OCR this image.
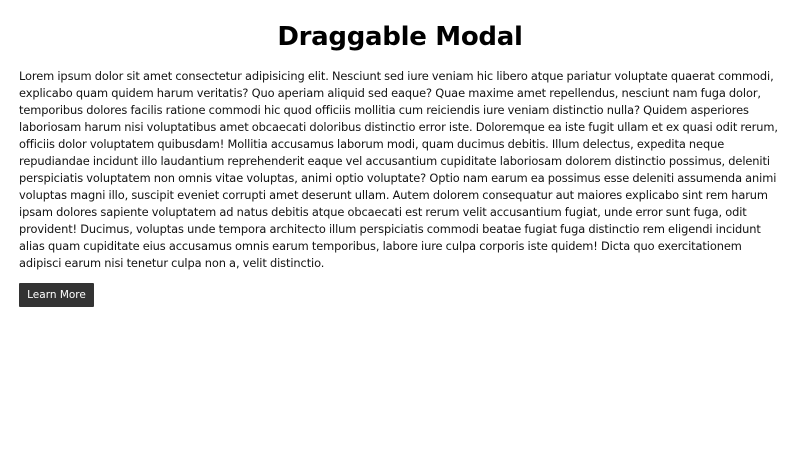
Draggable Modal

Lorem ipsum dolor sit amet consectetur adipisicing elit. Nesciunt sed iure veniam hic libero atque pariatur voluptate quaerat commodi, explicabo quam quidem harum veritatis? Quo aperiam aliquid sed eaque? Quae maxime amet repellendus, nesciunt nam fuga dolor, temporibus dolores facilis ratione commodi hic quod officiis mollitia cum reiciendis iure veniam distinctio nulla? Quidem asperiores laboriosam harum nisi voluptatibus amet obcaecati doloribus distinctio error iste. Doloremque ea iste fugit ullam et ex quasi odit rerum, officiis dolor voluptatem quibusdam! Mollitia accusamus laborum modi, quam ducimus debitis. Illum delectus, expedita neque repudiandae incidunt illo laudantium reprehenderit eaque vel accusantium cupiditate laboriosam dolorem distinctio possimus, deleniti perspiciatis voluptatem non omnis vitae voluptas, animi optio voluptate? Optio nam earum ea possimus esse deleniti assumenda animi voluptas magni illo, suscipit eveniet corrupti amet deserunt ullam. Autem dolorem consequatur aut maiores explicabo sint rem harum ipsam dolores sapiente voluptatem ad natus debitis atque obcaecati est rerum velit accusantium fugiat, unde error sunt fuga, odit provident! Ducimus, voluptas unde tempora architecto illum perspiciatis commodi beatae fugiat fuga distinctio rem eligendi incidunt alias quam cupiditate eius accusamus omnis earum temporibus, labore iure culpa corporis iste quidem! Dicta quo exercitationem adipisci earum nisi tenetur culpa non a, velit distinctio.

Learn More
